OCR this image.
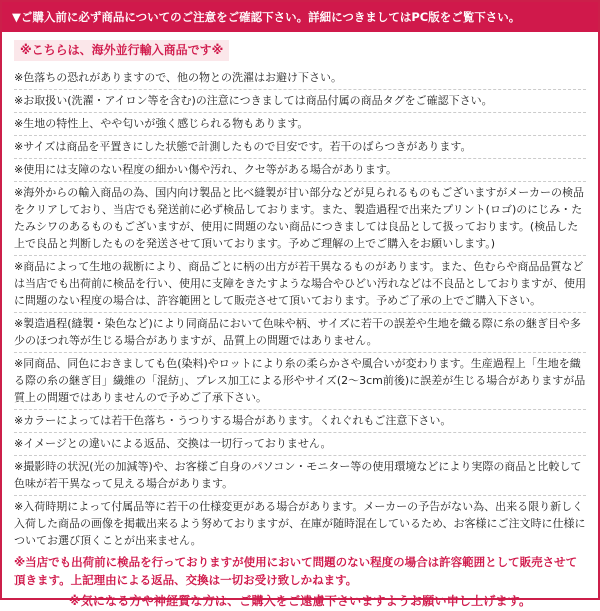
▼ご購入前に必ず商品についてのご注意をご確認下さい。詳細につきましてはPC版をご覧下さい。
※こちらは、海外並行輸入商品です※
※色落ちの恐れがありますので、他の物との洗濯はお避け下さい。
※お取扱い(洗濯・アイロン等を含む)の注意につきましては商品付属の商品タグをご確認下さい。
※生地の特性上、やや匂いが強く感じられる物もあります。
※サイズは商品を平置きにした状態で計測したもので目安です。若干のばらつきがあります。
※使用には支障のない程度の細かい傷や汚れ、クセ等がある場合があります。
※海外からの輸入商品の為、国内向け製品と比べ縫製が甘い部分などが見られるものもございますがメーカーの検品をクリアしており、当店でも発送前に必ず検品しております。また、製造過程で出来たプリント(ロゴ)のにじみ・たたみシワのあるものもございますが、使用に問題のない商品につきましては良品として扱っております。(検品した上で良品と判断したものを発送させて頂いております。予めご理解の上でご購入をお願いします。)
※商品によって生地の裁断により、商品ごとに柄の出方が若干異なるものがあります。また、色むらや商品品質などは当店でも出荷前に検品を行い、使用に支障をきたすような場合やひどい汚れなどは不良品としておりますが、使用に問題のない程度の場合は、許容範囲として販売させて頂いております。予めご了承の上でご購入下さい。
※製造過程(縫製・染色など)により同商品において色味や柄、サイズに若干の誤差や生地を織る際に糸の継ぎ目や多少のほつれ等が生じる場合がありますが、品質上の問題ではありません。
※同商品、同色におきましても色(染料)やロットにより糸の柔らかさや風合いが変わります。生産過程上「生地を織る際の糸の継ぎ目」繊維の「混紡」、プレス加工による形やサイズ(2〜3cm前後)に誤差が生じる場合がありますが品質上の問題ではありませんので予めご了承下さい。
※カラーによっては若干色落ち・うつりする場合があります。くれぐれもご注意下さい。
※イメージとの違いによる返品、交換は一切行っておりません。
※撮影時の状況(光の加減等)や、お客様ご自身のパソコン・モニター等の使用環境などにより実際の商品と比較して色味が若干異なって見える場合があります。
※入荷時期によって付属品等に若干の仕様変更がある場合があります。メーカーの予告がない為、出来る限り新しく入荷した商品の画像を掲載出来るよう努めておりますが、在庫が随時混在しているため、お客様にご注文時に仕様についてお選び頂くことが出来ません。
※当店でも出荷前に検品を行っておりますが使用において問題のない程度の場合は許容範囲として販売させて頂きます。上記理由による返品、交換は一切お受け致しかねます。
※気になる方や神経質な方は、ご購入をご遠慮下さいますようお願い申し上げます。
